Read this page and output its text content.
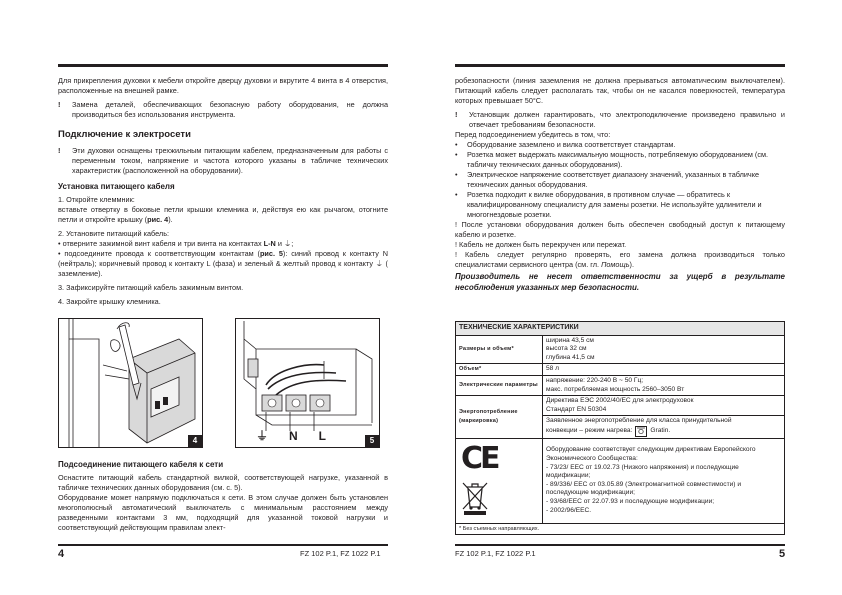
Для прикрепления духовки к мебели откройте дверцу духовки и вкрутите 4 винта в 4 отверстия, расположенные на внешней рамке.

!	Замена деталей, обеспечивающих безопасную работу оборудования, не должна производиться без использования инструмента.
Подключение к электросети
!	Эти духовки оснащены трехжильным питающим кабелем, предназначенным для работы с переменным током, напряжение и частота которого указаны в табличке технических характеристик (расположенной на оборудовании).
Установка питающего кабеля

1. Откройте клеммник:

вставьте отвертку в боковые петли крышки клемника и, действуя ею как рычагом, отогните петли и откройте крышку (рис. 4).

2. Установите питающий кабель:

• отверните зажимной винт кабеля и три винта на контактах L-N и ⏚;

• подсоедините провода к соответствующим контактам (рис. 5): синий провод к контакту N (нейтраль); коричневый провод к контакту L (фаза) и зеленый & желтый провод к контакту ⏚ ( заземление).

3. Зафиксируйте питающий кабель зажимным винтом.

4. Закройте крышку клемника.

4	⏚ N L	5
Подсоединение питающего кабеля к сети

Оснастите питающий кабель стандартной вилкой, соответствующей нагрузке, указанной в табличке технических данных оборудования (см. с. 5).

Оборудование может напрямую подключаться к сети. В этом случае должен быть установлен многополюсный автоматический выключатель с минимальным расстоянием между разведенными контактами 3 мм, подходящий для указанной токовой нагрузки и соответствующий действующим правилам элект-

4	FZ 102 P.1, FZ 1022 P.1

робезопасности (линия заземления не должна прерываться автоматическим выключателем). Питающий кабель следует располагать так, чтобы он не касался поверхностей, температура которых превышает 50°C.

!	Установщик должен гарантировать, что электроподключение произведено правильно и отвечает требованиям безопасности.

Перед подсоединением убедитесь в том, что:

•	Оборудование заземлено и вилка соответствует стандартам.
•	Розетка может выдержать максимальную мощность, потребляемую оборудованием (см. табличку технических данных оборудования).
•	Электрическое напряжение соответствует диапазону значений, указанных в табличке технических данных оборудования.
•	Розетка подходит к вилке оборудования, в противном случае — обратитесь к квалифицированному специалисту для замены розетки. Не используйте удлинители и многогнездовые розетки.

! После установки оборудования должен быть обеспечен свободный доступ к питающему кабелю и розетке.

! Кабель не должен быть перекручен или пережат.

! Кабель следует регулярно проверять, его замена должна производиться только специалистами сервисного центра (см. гл. Помощь).

Производитель не несет ответственности за ущерб в результате несоблюдения указанных мер безопасности.

ТЕХНИЧЕСКИЕ ХАРАКТЕРИСТИКИ	
Размеры и объем*	ширина 43,5 см
высота 32 см
глубина 41,5 см

Объем*	58 л
Электрические параметры	напряжение: 220-240 В ~ 50 Гц;
макс. потребляемая мощность 2560–3050 Вт

Энергопотребление (маркировка)	Директива ЕЭС 2002/40/ЕС для электродуховок
Стандарт EN 50304

	Заявленное энергопотребление для класса принудительной
конвекции – режим нагрева: Gratin.

CE	Оборудование соответствует следующим директивам Европейского Экономического Сообщества:
- 73/23/ ЕЕС от 19.02.73 (Низкого напряжения) и последующие модификации;
- 89/336/ ЕЕС от 03.05.89 (Электромагнитной совместимости) и последующие модификации;
- 93/68/ЕЕС от 22.07.93 и последующие модификации;
- 2002/96/ЕЕС.

* Без съемных направляющих.	
FZ 102 P.1, FZ 1022 P.1	5
